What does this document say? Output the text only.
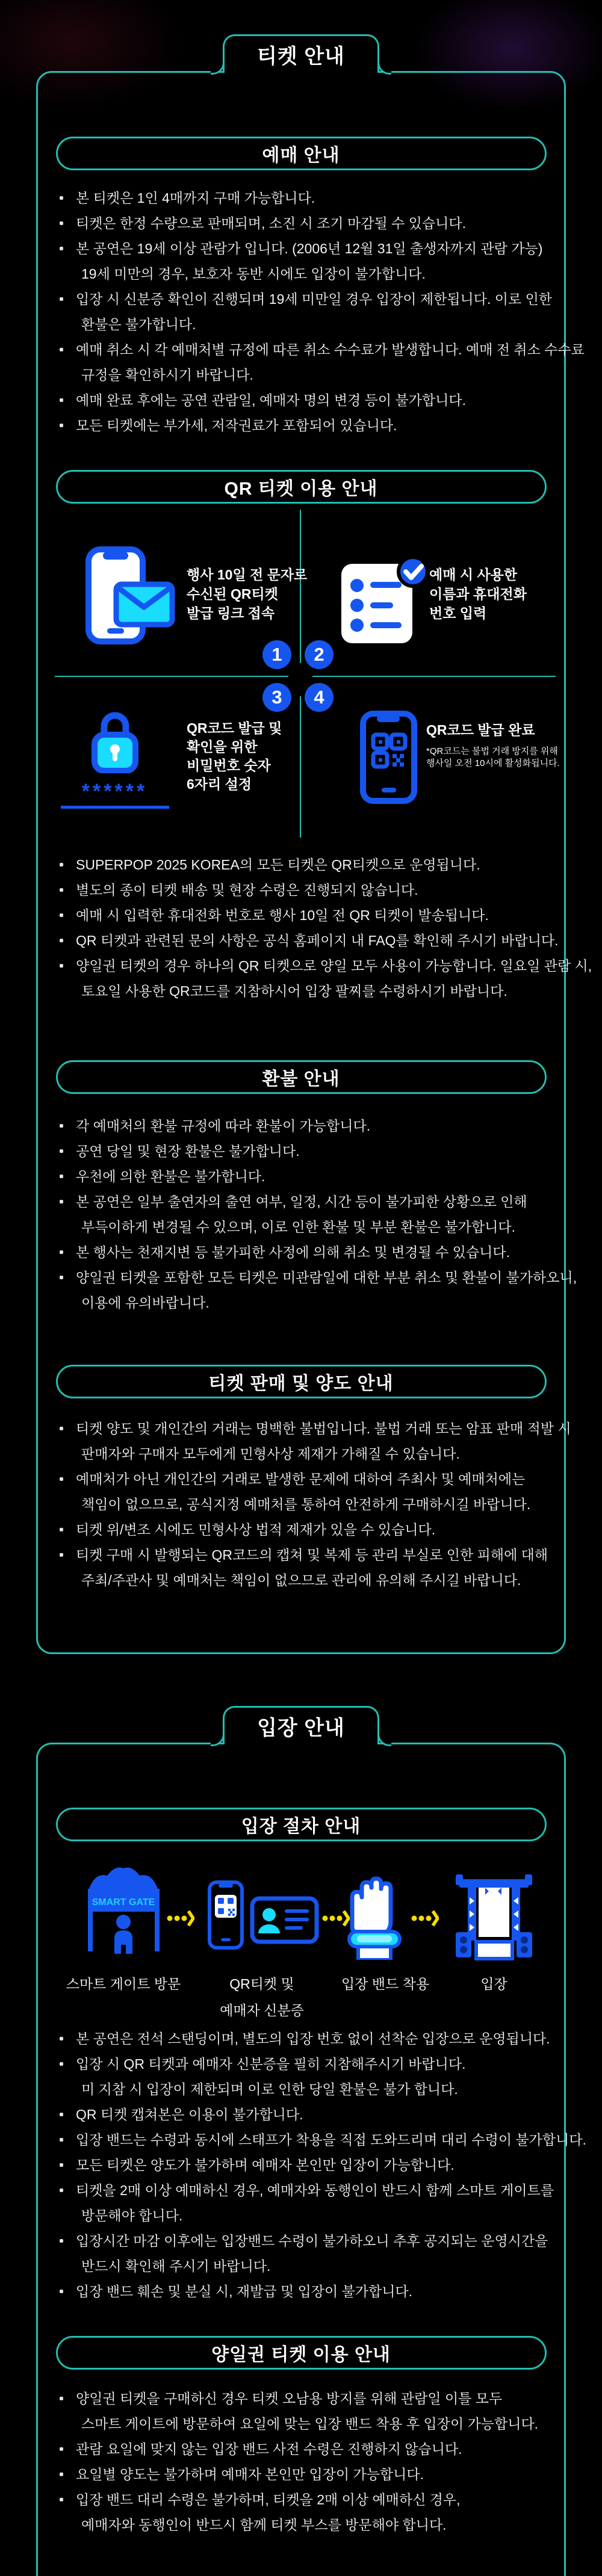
티켓 안내
예매 안내
본 티켓은 1인 4매까지 구매 가능합니다.
티켓은 한정 수량으로 판매되며, 소진 시 조기 마감될 수 있습니다.
본 공연은 19세 이상 관람가 입니다. (2006년 12월 31일 출생자까지 관람 가능)
19세 미만의 경우, 보호자 동반 시에도 입장이 불가합니다.
입장 시 신분증 확인이 진행되며 19세 미만일 경우 입장이 제한됩니다. 이로 인한
환불은 불가합니다.
예매 취소 시 각 예매처별 규정에 따른 취소 수수료가 발생합니다. 예매 전 취소 수수료
규정을 확인하시기 바랍니다.
예매 완료 후에는 공연 관람일, 예매자 명의 변경 등이 불가합니다.
모든 티켓에는 부가세, 저작권료가 포함되어 있습니다.
QR 티켓 이용 안내
1	2
3	4
행사 10일 전 문자로
수신된 QR티켓
발급 링크 접속
예매 시 사용한
이름과 휴대전화
번호 입력
******
QR코드 발급 및
확인을 위한
비밀번호 숫자
6자리 설정
QR코드 발급 완료
*QR코드는 불법 거래 방지를 위해
행사일 오전 10시에 활성화됩니다.
SUPERPOP 2025 KOREA의 모든 티켓은 QR티켓으로 운영됩니다.
별도의 종이 티켓 배송 및 현장 수령은 진행되지 않습니다.
예매 시 입력한 휴대전화 번호로 행사 10일 전 QR 티켓이 발송됩니다.
QR 티켓과 관련된 문의 사항은 공식 홈페이지 내 FAQ를 확인해 주시기 바랍니다.
양일권 티켓의 경우 하나의 QR 티켓으로 양일 모두 사용이 가능합니다. 일요일 관람 시,
토요일 사용한 QR코드를 지참하시어 입장 팔찌를 수령하시기 바랍니다.
환불 안내
각 예매처의 환불 규정에 따라 환불이 가능합니다.
공연 당일 및 현장 환불은 불가합니다.
우천에 의한 환불은 불가합니다.
본 공연은 일부 출연자의 출연 여부, 일정, 시간 등이 불가피한 상황으로 인해
부득이하게 변경될 수 있으며, 이로 인한 환불 및 부분 환불은 불가합니다.
본 행사는 천재지변 등 불가피한 사정에 의해 취소 및 변경될 수 있습니다.
양일권 티켓을 포함한 모든 티켓은 미관람일에 대한 부분 취소 및 환불이 불가하오니,
이용에 유의바랍니다.
티켓 판매 및 양도 안내
티켓 양도 및 개인간의 거래는 명백한 불법입니다. 불법 거래 또는 암표 판매 적발 시
판매자와 구매자 모두에게 민형사상 제재가 가해질 수 있습니다.
예매처가 아닌 개인간의 거래로 발생한 문제에 대하여 주최사 및 예매처에는
책임이 없으므로, 공식지정 예매처를 통하여 안전하게 구매하시길 바랍니다.
티켓 위/변조 시에도 민형사상 법적 제재가 있을 수 있습니다.
티켓 구매 시 발행되는 QR코드의 캡쳐 및 복제 등 관리 부실로 인한 피해에 대해
주최/주관사 및 예매처는 책임이 없으므로 관리에 유의해 주시길 바랍니다.
입장 안내
입장 절차 안내
SMART GATE
스마트 게이트 방문	QR티켓 및
예매자 신분증
입장 밴드 착용	입장
본 공연은 전석 스탠딩이며, 별도의 입장 번호 없이 선착순 입장으로 운영됩니다.
입장 시 QR 티켓과 예매자 신분증을 필히 지참해주시기 바랍니다.
미 지참 시 입장이 제한되며 이로 인한 당일 환불은 불가 합니다.
QR 티켓 캡쳐본은 이용이 불가합니다.
입장 밴드는 수령과 동시에 스태프가 착용을 직접 도와드리며 대리 수령이 불가합니다.
모든 티켓은 양도가 불가하며 예매자 본인만 입장이 가능합니다.
티켓을 2매 이상 예매하신 경우, 예매자와 동행인이 반드시 함께 스마트 게이트를
방문해야 합니다.
입장시간 마감 이후에는 입장밴드 수령이 불가하오니 추후 공지되는 운영시간을
반드시 확인해 주시기 바랍니다.
입장 밴드 훼손 및 분실 시, 재발급 및 입장이 불가합니다.
양일권 티켓 이용 안내
양일권 티켓을 구매하신 경우 티켓 오남용 방지를 위해 관람일 이틀 모두
스마트 게이트에 방문하여 요일에 맞는 입장 밴드 착용 후 입장이 가능합니다.
관람 요일에 맞지 않는 입장 밴드 사전 수령은 진행하지 않습니다.
요일별 양도는 불가하며 예매자 본인만 입장이 가능합니다.
입장 밴드 대리 수령은 불가하며, 티켓을 2매 이상 예매하신 경우,
예매자와 동행인이 반드시 함께 티켓 부스를 방문해야 합니다.
